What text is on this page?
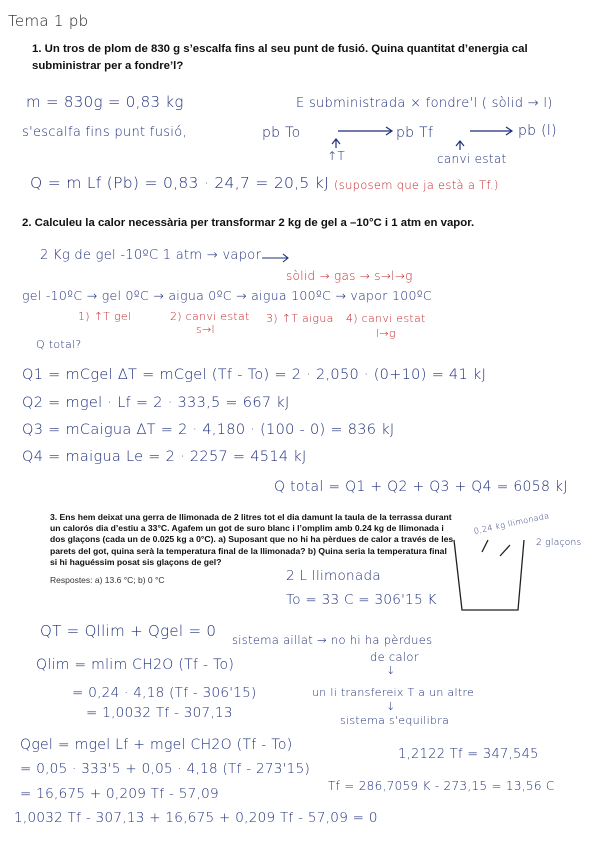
Tema 1 pb
1. Un tros de plom de 830 g s’escalfa fins al seu punt de fusió. Quina quantitat d’energia cal
subministrar per a fondre’l?
m = 830g = 0,83 kg
s'escalfa fins punt fusió,
E subministrada × fondre'l ( sòlid → l)
pb To	pb Tf	pb (l)
↑T	canvi estat
Q = m Lf (Pb) = 0,83 · 24,7 = 20,5 kJ (suposem que ja està a Tf.)
2. Calculeu la calor necessària per transformar 2 kg de gel a –10°C i 1 atm en vapor.
2 Kg de gel -10ºC 1 atm → vapor
sòlid → gas → s→l→g
gel -10ºC → gel 0ºC → aigua 0ºC → aigua 100ºC → vapor 100ºC
1) ↑T gel	2) canvi estat
s→l
3) ↑T aigua 4) canvi estat
l→g
Q total?
Q1 = mCgel ΔT = mCgel (Tf - To) = 2 · 2,050 · (0+10) = 41 kJ
Q2 = mgel · Lf = 2 · 333,5 = 667 kJ
Q3 = mCaigua ΔT = 2 · 4,180 · (100 - 0) = 836 kJ
Q4 = maigua Le = 2 · 2257 = 4514 kJ
Q total = Q1 + Q2 + Q3 + Q4 = 6058 kJ
3. Ens hem deixat una gerra de llimonada de 2 litres tot el dia damunt la taula de la terrassa durant un calorós dia d’estiu a 33°C. Agafem un got de suro blanc i l’omplim amb 0.24 kg de llimonada i dos glaçons (cada un de 0.025 kg a 0°C). a) Suposant que no hi ha pèrdues de calor a través de les parets del got, quina serà la temperatura final de la llimonada? b) Quina seria la temperatura final si hi haguéssim posat sis glaçons de gel?
Respostes: a) 13.6 °C; b) 0 °C
0,24 kg llimonada
2 glaçons
2 L llimonada
To = 33 C = 306'15 K
QT = Qllim + Qgel = 0 sistema aïllat → no hi ha pèrdues
de calor
↓
un li transfereix T a un altre
↓
sistema s'equilibra
Qlim = mlim CH2O (Tf - To)
= 0,24 · 4,18 (Tf - 306'15)
= 1,0032 Tf - 307,13
Qgel = mgel Lf + mgel CH2O (Tf - To)
= 0,05 · 333'5 + 0,05 · 4,18 (Tf - 273'15)
= 16,675 + 0,209 Tf - 57,09
1,2122 Tf = 347,545
Tf = 286,7059 K - 273,15 = 13,56 C
1,0032 Tf - 307,13 + 16,675 + 0,209 Tf - 57,09 = 0
